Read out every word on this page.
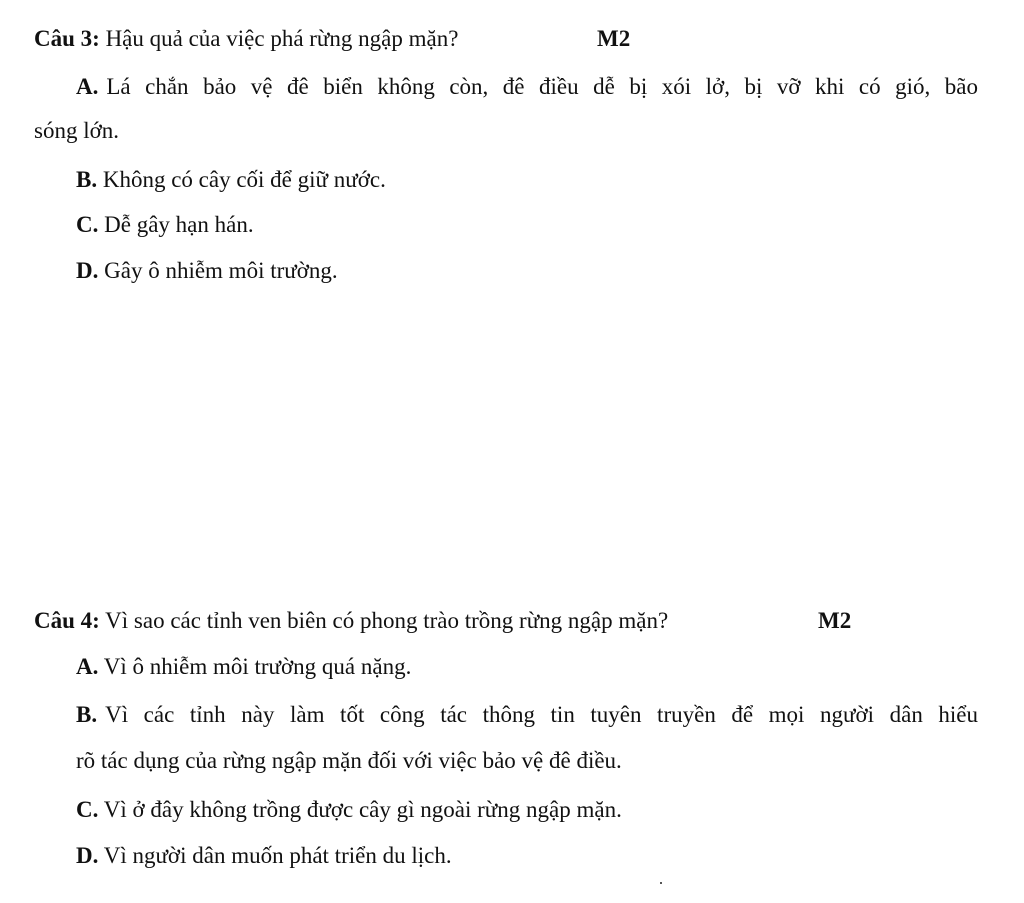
Câu 3: Hậu quả của việc phá rừng ngập mặn?	M2
A. Lá chắn bảo vệ đê biển không còn, đê điều dễ bị xói lở, bị vỡ khi có gió, bão
sóng lớn.
B. Không có cây cối để giữ nước.
C. Dễ gây hạn hán.
D. Gây ô nhiễm môi trường.
Câu 4: Vì sao các tỉnh ven biên có phong trào trồng rừng ngập mặn?	M2
A. Vì ô nhiễm môi trường quá nặng.
B. Vì các tỉnh này làm tốt công tác thông tin tuyên truyền để mọi người dân hiểu
rõ tác dụng của rừng ngập mặn đối với việc bảo vệ đê điều.
C. Vì ở đây không trồng được cây gì ngoài rừng ngập mặn.
D. Vì người dân muốn phát triển du lịch.
